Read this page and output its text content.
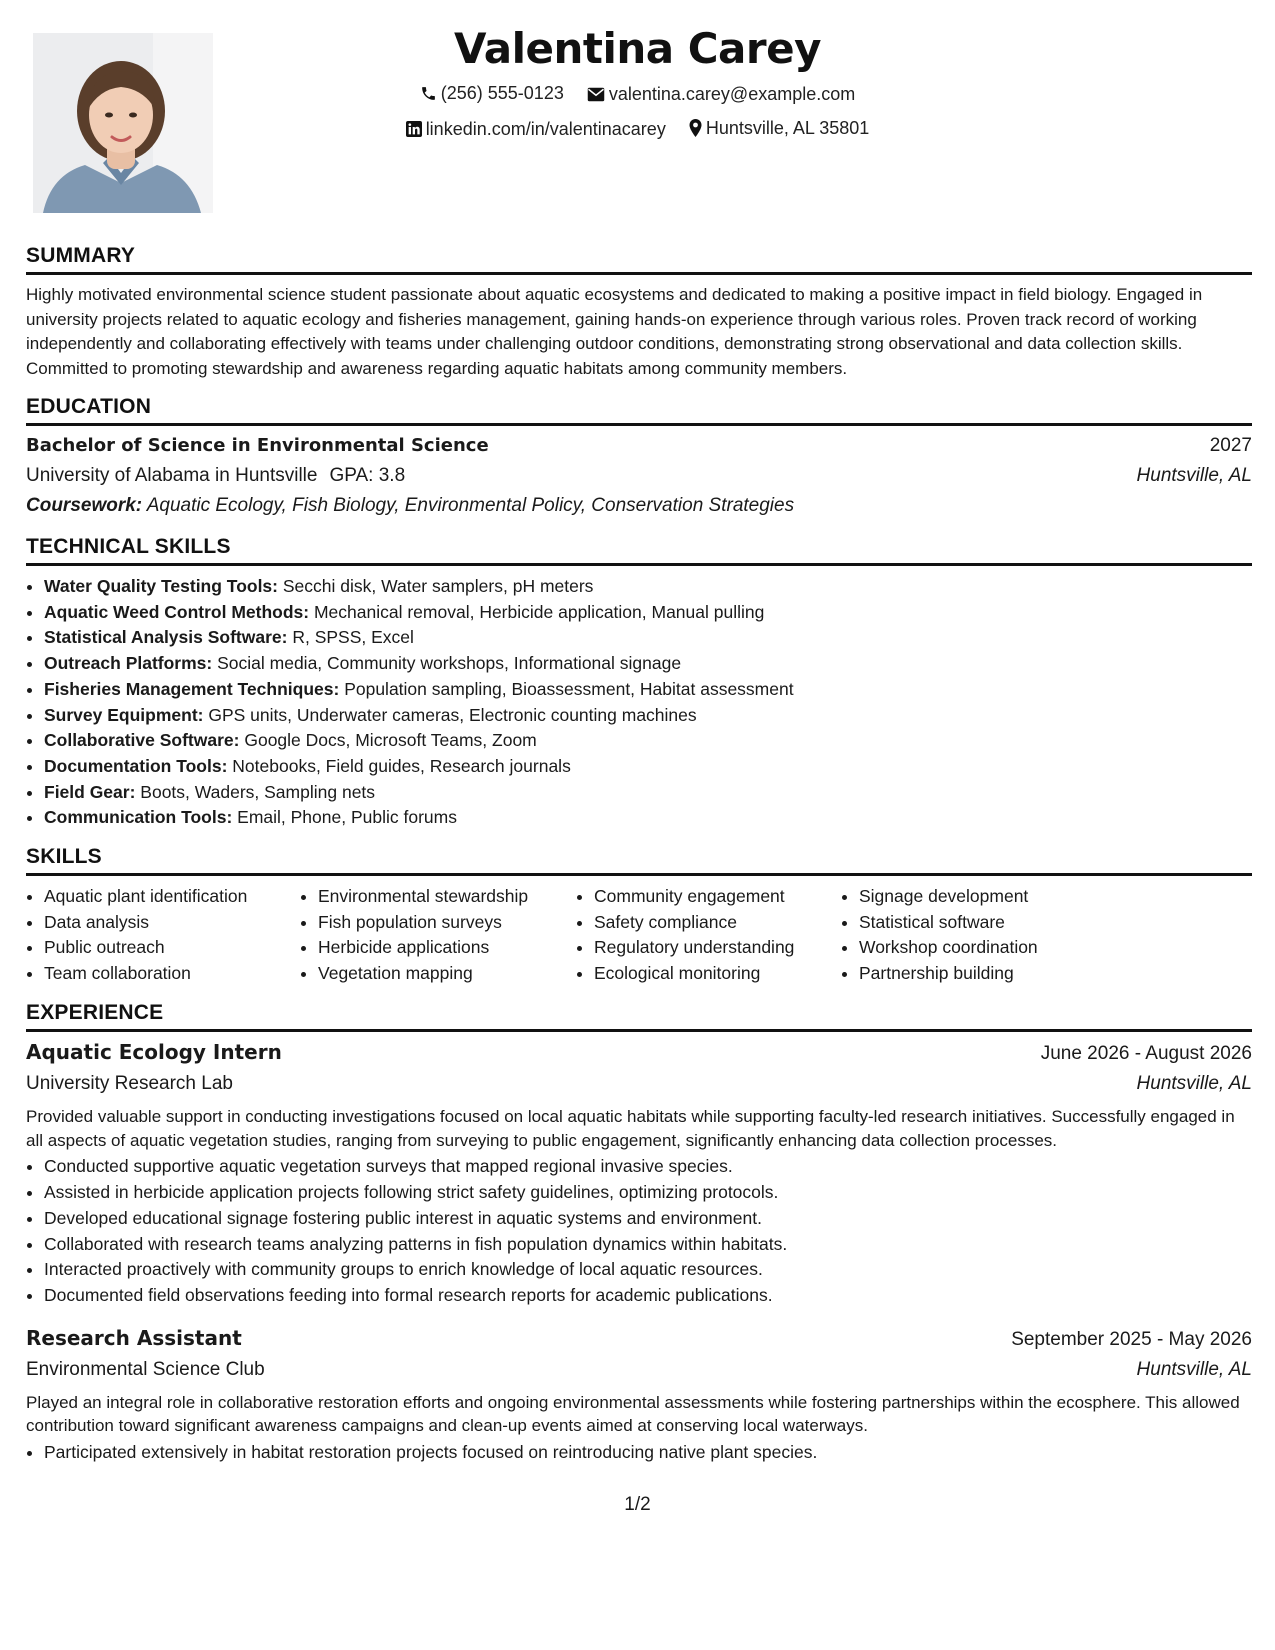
Valentina Carey
(256) 555-0123
	valentina.carey@example.com
linkedin.com/in/valentinacarey
Huntsville, AL 35801
SUMMARY

Highly motivated environmental science student passionate about aquatic ecosystems and dedicated to making a positive impact in field biology. Engaged in university projects related to aquatic ecology and fisheries management, gaining hands-on experience through various roles. Proven track record of working independently and collaborating effectively with teams under challenging outdoor conditions, demonstrating strong observational and data collection skills. Committed to promoting stewardship and awareness regarding aquatic habitats among community members.

EDUCATION
Bachelor of Science in Environmental Science	2027
University of Alabama in Huntsville GPA: 3.8	Huntsville, AL
Coursework: Aquatic Ecology, Fish Biology, Environmental Policy, Conservation Strategies
TECHNICAL SKILLS
• Water Quality Testing Tools: Secchi disk, Water samplers, pH meters
• Aquatic Weed Control Methods: Mechanical removal, Herbicide application, Manual pulling
• Statistical Analysis Software: R, SPSS, Excel
• Outreach Platforms: Social media, Community workshops, Informational signage
• Fisheries Management Techniques: Population sampling, Bioassessment, Habitat assessment
• Survey Equipment: GPS units, Underwater cameras, Electronic counting machines
• Collaborative Software: Google Docs, Microsoft Teams, Zoom
• Documentation Tools: Notebooks, Field guides, Research journals
• Field Gear: Boots, Waders, Sampling nets
• Communication Tools: Email, Phone, Public forums
SKILLS
• Aquatic plant identification
• Data analysis
• Public outreach
• Team collaboration
• Environmental stewardship
• Fish population surveys
• Herbicide applications
• Vegetation mapping
• Community engagement
• Safety compliance
• Regulatory understanding
• Ecological monitoring
• Signage development
• Statistical software
• Workshop coordination
• Partnership building
EXPERIENCE
Aquatic Ecology Intern	June 2026 - August 2026
University Research Lab	Huntsville, AL

Provided valuable support in conducting investigations focused on local aquatic habitats while supporting faculty-led research initiatives. Successfully engaged in all aspects of aquatic vegetation studies, ranging from surveying to public engagement, significantly enhancing data collection processes.

• Conducted supportive aquatic vegetation surveys that mapped regional invasive species.
• Assisted in herbicide application projects following strict safety guidelines, optimizing protocols.
• Developed educational signage fostering public interest in aquatic systems and environment.
• Collaborated with research teams analyzing patterns in fish population dynamics within habitats.
• Interacted proactively with community groups to enrich knowledge of local aquatic resources.
• Documented field observations feeding into formal research reports for academic publications.
Research Assistant	September 2025 - May 2026
Environmental Science Club	Huntsville, AL

Played an integral role in collaborative restoration efforts and ongoing environmental assessments while fostering partnerships within the ecosphere. This allowed contribution toward significant awareness campaigns and clean-up events aimed at conserving local waterways.

• Participated extensively in habitat restoration projects focused on reintroducing native plant species.
1/2
